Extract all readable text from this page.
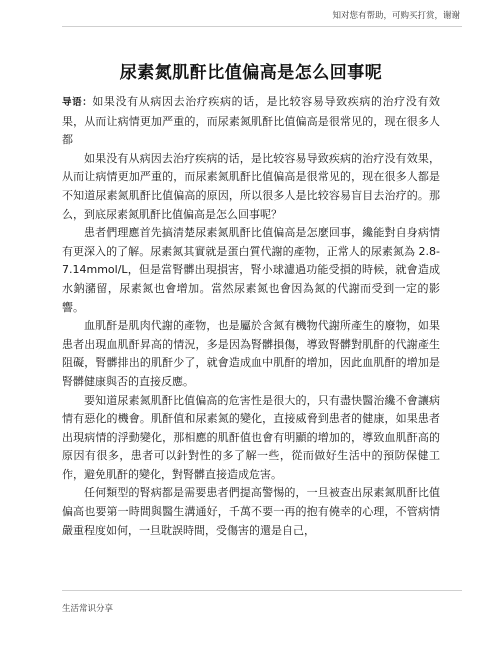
知对您有帮助，可购买打赏，谢谢
尿素氮肌酐比值偏高是怎么回事呢

导语：如果没有从病因去治疗疾病的话，是比较容易导致疾病的治疗没有效果，从而让病情更加严重的，而尿素氮肌酐比值偏高是很常见的，现在很多人都

如果没有从病因去治疗疾病的话，是比较容易导致疾病的治疗没有效果，从而让病情更加严重的，而尿素氮肌酐比值偏高是很常见的，现在很多人都是不知道尿素氮肌酐比值偏高的原因，所以很多人是比较容易盲目去治疗的。那么，到底尿素氮肌酐比值偏高是怎么回事呢？

患者們理應首先搞清楚尿素氮肌酐比值偏高是怎麼回事，纔能對自身病情有更深入的了解。尿素氮其實就是蛋白質代謝的產物，正常人的尿素氮為 2.8-7.14mmol/L，但是當腎髒出現損害，腎小球濾過功能受損的時候，就會造成水鈉瀦留，尿素氮也會增加。當然尿素氮也會因為氮的代謝而受到一定的影響。

血肌酐是肌肉代謝的產物，也是屬於含氮有機物代謝所產生的廢物，如果患者出現血肌酐昇高的情況，多是因為腎髒損傷，導致腎髒對肌酐的代謝產生阻礙，腎髒排出的肌酐少了，就會造成血中肌酐的增加，因此血肌酐的增加是腎髒健康與否的直接反應。

要知道尿素氮肌酐比值偏高的危害性是很大的，只有盡快醫治纔不會讓病情有惡化的機會。肌酐值和尿素氮的變化，直接威脅到患者的健康，如果患者出現病情的浮動變化，那相應的肌酐值也會有明顯的增加的，導致血肌酐高的原因有很多，患者可以針對性的多了解一些，從而做好生活中的預防保健工作，避免肌酐的變化，對腎髒直接造成危害。

任何類型的腎病都是需要患者們提高警惕的，一旦被查出尿素氮肌酐比值偏高也要第一時間與醫生溝通好，千萬不要一再的抱有僥幸的心理，不管病情嚴重程度如何，一旦耽誤時間，受傷害的還是自己，

生活常识分享
